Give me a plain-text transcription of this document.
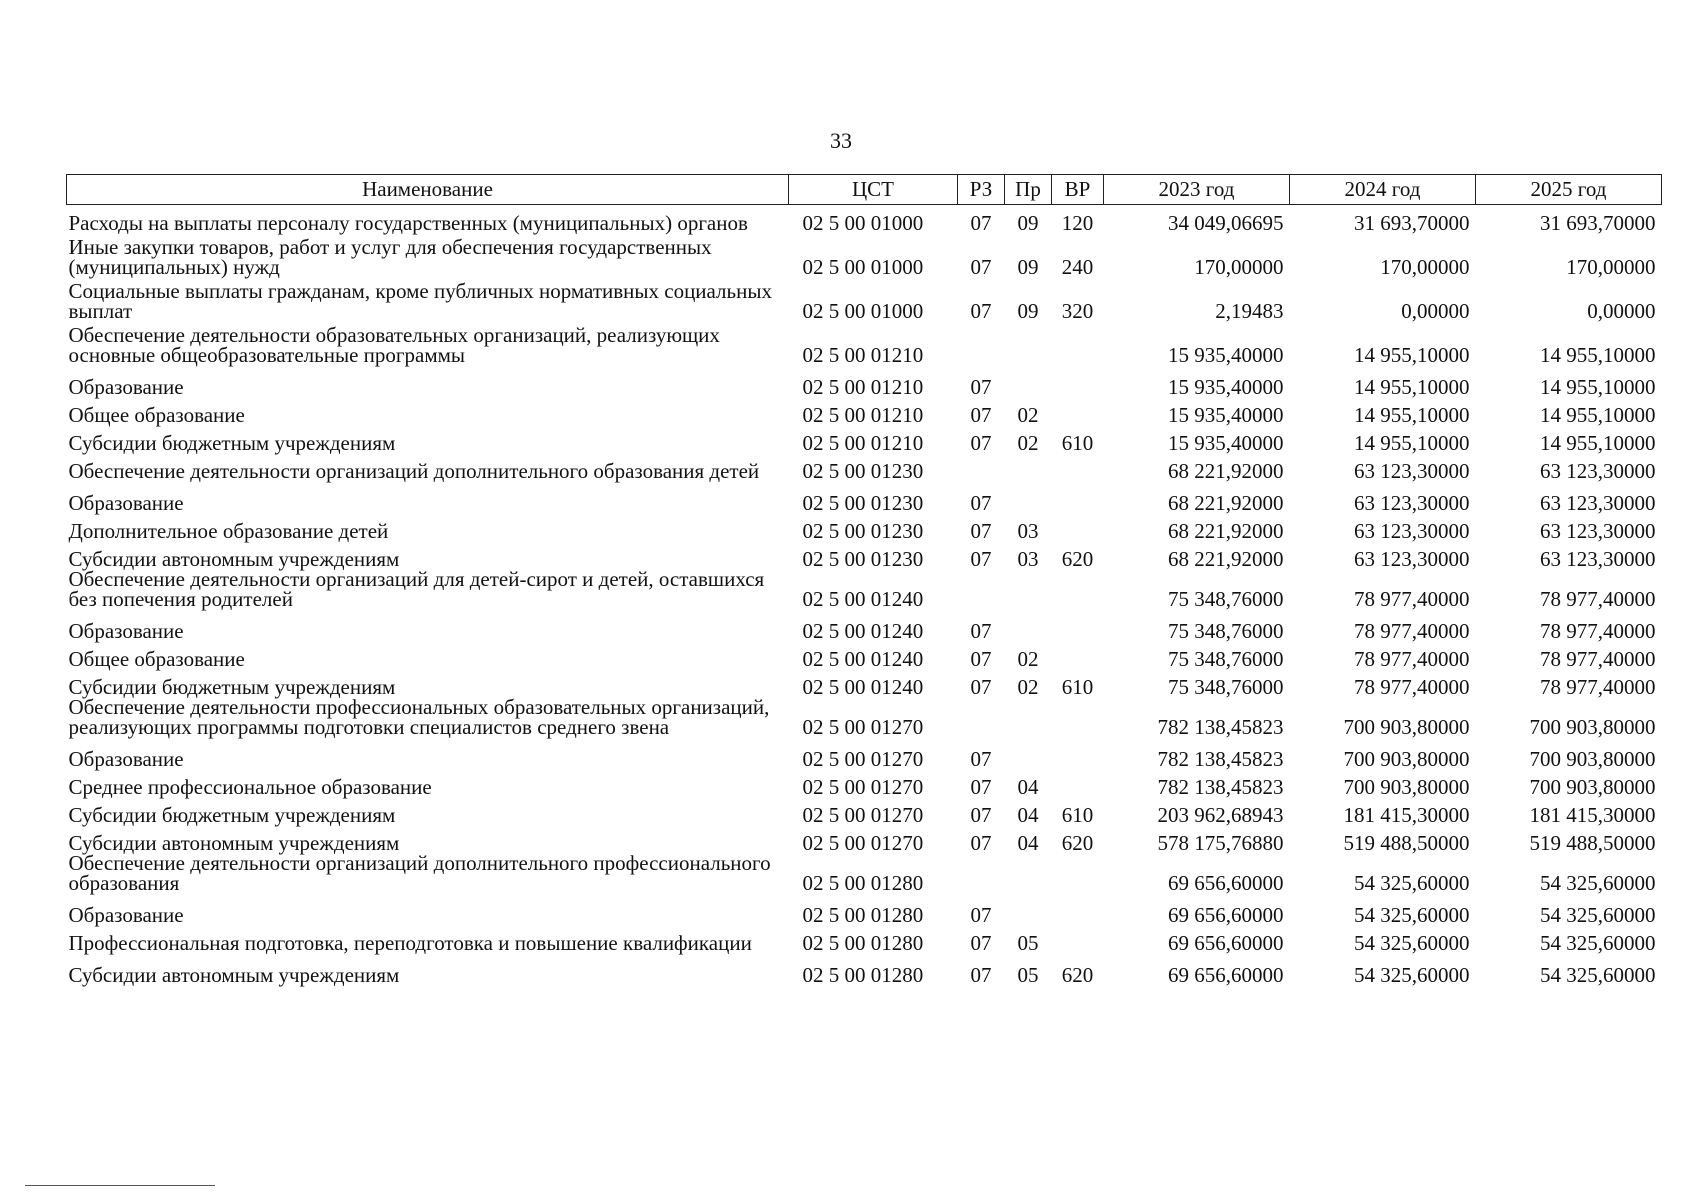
33
Наименование	ЦСТ	РЗ	Пр	ВР	2023 год	2024 год	2025 год
Расходы на выплаты персоналу государственных (муниципальных) органов	02 5 00 01000	07	09	120	34 049,06695	31 693,70000	31 693,70000
Иные закупки товаров, работ и услуг для обеспечения государственных (муниципальных) нужд	02 5 00 01000	07	09	240	170,00000	170,00000	170,00000
Социальные выплаты гражданам, кроме публичных нормативных социальных выплат	02 5 00 01000	07	09	320	2,19483	0,00000	0,00000
Обеспечение деятельности образовательных организаций, реализующих основные общеобразовательные программы	02 5 00 01210				15 935,40000	14 955,10000	14 955,10000
Образование	02 5 00 01210	07			15 935,40000	14 955,10000	14 955,10000
Общее образование	02 5 00 01210	07	02		15 935,40000	14 955,10000	14 955,10000
Субсидии бюджетным учреждениям	02 5 00 01210	07	02	610	15 935,40000	14 955,10000	14 955,10000
Обеспечение деятельности организаций дополнительного образования детей	02 5 00 01230				68 221,92000	63 123,30000	63 123,30000
Образование	02 5 00 01230	07			68 221,92000	63 123,30000	63 123,30000
Дополнительное образование детей	02 5 00 01230	07	03		68 221,92000	63 123,30000	63 123,30000
Субсидии автономным учреждениям	02 5 00 01230	07	03	620	68 221,92000	63 123,30000	63 123,30000
Обеспечение деятельности организаций для детей-сирот и детей, оставшихся без попечения родителей	02 5 00 01240				75 348,76000	78 977,40000	78 977,40000
Образование	02 5 00 01240	07			75 348,76000	78 977,40000	78 977,40000
Общее образование	02 5 00 01240	07	02		75 348,76000	78 977,40000	78 977,40000
Субсидии бюджетным учреждениям	02 5 00 01240	07	02	610	75 348,76000	78 977,40000	78 977,40000
Обеспечение деятельности профессиональных образовательных организаций, реализующих программы подготовки специалистов среднего звена	02 5 00 01270				782 138,45823	700 903,80000	700 903,80000
Образование	02 5 00 01270	07			782 138,45823	700 903,80000	700 903,80000
Среднее профессиональное образование	02 5 00 01270	07	04		782 138,45823	700 903,80000	700 903,80000
Субсидии бюджетным учреждениям	02 5 00 01270	07	04	610	203 962,68943	181 415,30000	181 415,30000
Субсидии автономным учреждениям	02 5 00 01270	07	04	620	578 175,76880	519 488,50000	519 488,50000
Обеспечение деятельности организаций дополнительного профессионального образования	02 5 00 01280				69 656,60000	54 325,60000	54 325,60000
Образование	02 5 00 01280	07			69 656,60000	54 325,60000	54 325,60000
Профессиональная подготовка, переподготовка и повышение квалификации	02 5 00 01280	07	05		69 656,60000	54 325,60000	54 325,60000
Субсидии автономным учреждениям	02 5 00 01280	07	05	620	69 656,60000	54 325,60000	54 325,60000
